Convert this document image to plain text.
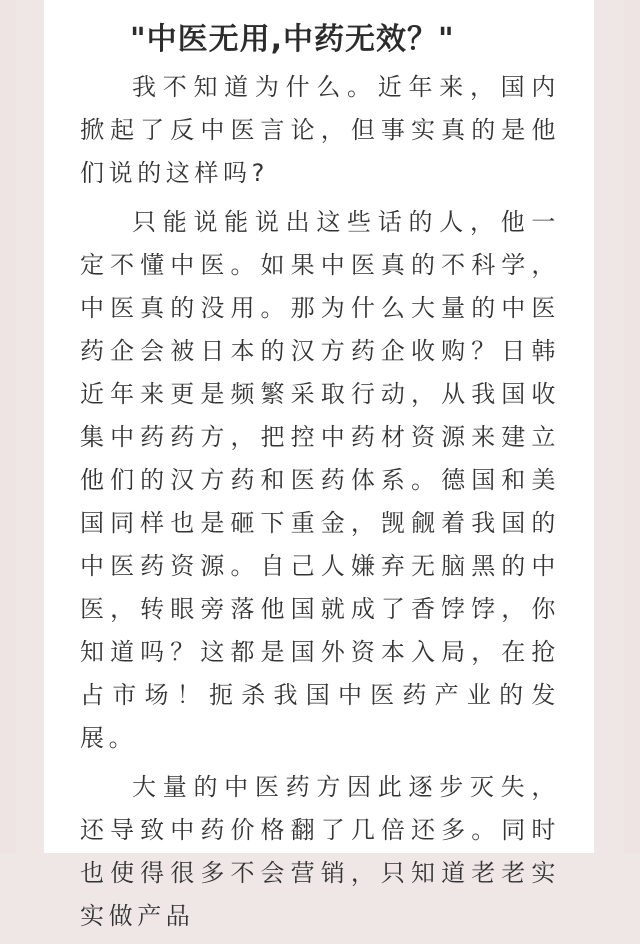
"中医无用,中药无效？"

我不知道为什么。近年来，国内掀起了反中医言论，但事实真的是他们说的这样吗?

只能说能说出这些话的人，他一定不懂中医。如果中医真的不科学，中医真的没用。那为什么大量的中医药企会被日本的汉方药企收购？日韩近年来更是频繁采取行动，从我国收集中药药方，把控中药材资源来建立他们的汉方药和医药体系。德国和美国同样也是砸下重金，觊觎着我国的中医药资源。自己人嫌弃无脑黑的中医，转眼旁落他国就成了香饽饽，你知道吗？这都是国外资本入局，在抢占市场！扼杀我国中医药产业的发展。

大量的中医药方因此逐步灭失，还导致中药价格翻了几倍还多。同时也使得很多不会营销，只知道老老实实做产品
